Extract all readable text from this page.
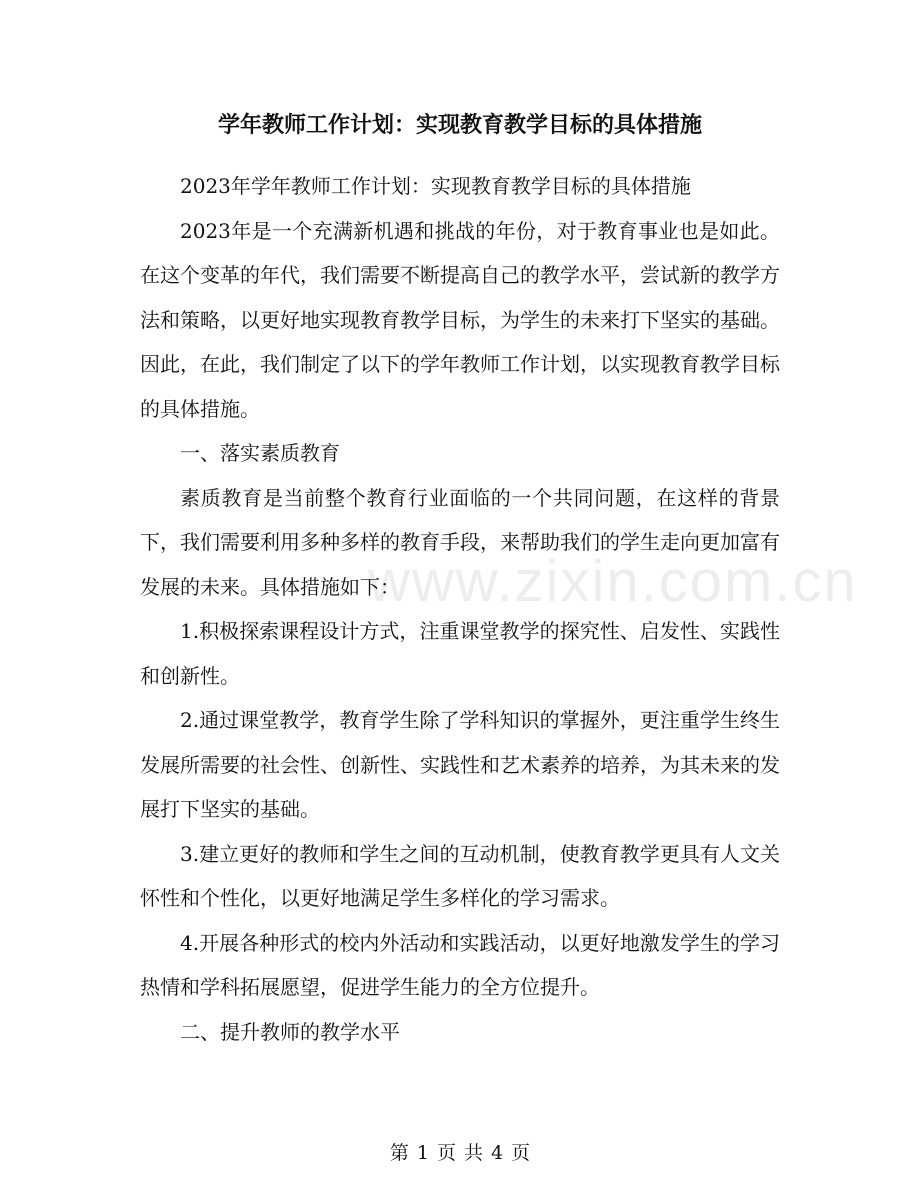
www.zixin.com.cn
学年教师工作计划：实现教育教学目标的具体措施

2023年学年教师工作计划：实现教育教学目标的具体措施

2023年是一个充满新机遇和挑战的年份，对于教育事业也是如此。在这个变革的年代，我们需要不断提高自己的教学水平，尝试新的教学方法和策略，以更好地实现教育教学目标，为学生的未来打下坚实的基础。因此，在此，我们制定了以下的学年教师工作计划，以实现教育教学目标的具体措施。

一、落实素质教育

素质教育是当前整个教育行业面临的一个共同问题，在这样的背景下，我们需要利用多种多样的教育手段，来帮助我们的学生走向更加富有发展的未来。具体措施如下：

1.积极探索课程设计方式，注重课堂教学的探究性、启发性、实践性和创新性。

2.通过课堂教学，教育学生除了学科知识的掌握外，更注重学生终生发展所需要的社会性、创新性、实践性和艺术素养的培养，为其未来的发展打下坚实的基础。

3.建立更好的教师和学生之间的互动机制，使教育教学更具有人文关怀性和个性化，以更好地满足学生多样化的学习需求。

4.开展各种形式的校内外活动和实践活动，以更好地激发学生的学习热情和学科拓展愿望，促进学生能力的全方位提升。

二、提升教师的教学水平

第 1 页 共 4 页
